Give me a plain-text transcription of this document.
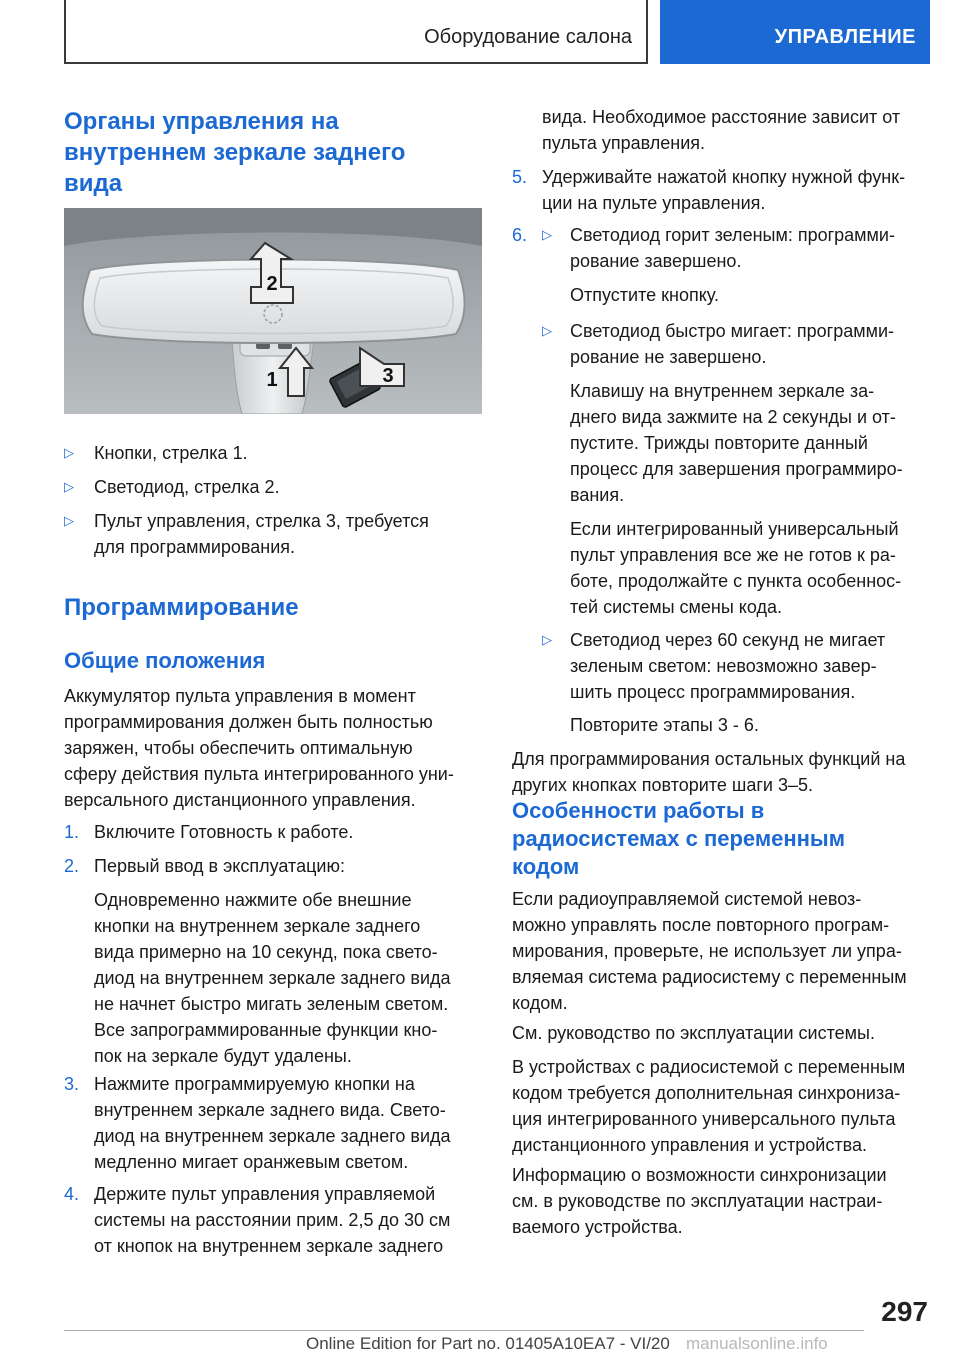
Оборудование салона	УПРАВЛЕНИЕ
Органы управления на
внутреннем зеркале заднего
вида
2
1	3
▷ Кнопки, стрелка 1.
▷ Светодиод, стрелка 2.
▷ Пульт управления, стрелка 3, требуется
для программирования.
Программирование
Общие положения
Аккумулятор пульта управления в момент
программирования должен быть полностью
заряжен, чтобы обеспечить оптимальную
сферу действия пульта интегрированного уни‐
версального дистанционного управления.
1. Включите Готовность к работе.
2. Первый ввод в эксплуатацию:
Одновременно нажмите обе внешние
кнопки на внутреннем зеркале заднего
вида примерно на 10 секунд, пока свето‐
диод на внутреннем зеркале заднего вида
не начнет быстро мигать зеленым светом.
Все запрограммированные функции кно‐
пок на зеркале будут удалены.
3. Нажмите программируемую кнопки на
внутреннем зеркале заднего вида. Свето‐
диод на внутреннем зеркале заднего вида
медленно мигает оранжевым светом.
4. Держите пульт управления управляемой
системы на расстоянии прим. 2,5 до 30 см
от кнопок на внутреннем зеркале заднего
вида. Необходимое расстояние зависит от
пульта управления.
5. Удерживайте нажатой кнопку нужной функ‐
ции на пульте управления.
6. ▷ Светодиод горит зеленым: программи‐
рование завершено.
Отпустите кнопку.
▷ Светодиод быстро мигает: программи‐
рование не завершено.
Клавишу на внутреннем зеркале за‐
днего вида зажмите на 2 секунды и от‐
пустите. Трижды повторите данный
процесс для завершения программиро‐
вания.
Если интегрированный универсальный
пульт управления все же не готов к ра‐
боте, продолжайте с пункта особеннос‐
тей системы смены кода.
▷ Светодиод через 60 секунд не мигает
зеленым светом: невозможно завер‐
шить процесс программирования.
Повторите этапы 3 - 6.
Для программирования остальных функций на
других кнопках повторите шаги 3–5.
Особенности работы в
радиосистемах с переменным
кодом
Если радиоуправляемой системой невоз‐
можно управлять после повторного програм‐
мирования, проверьте, не использует ли упра‐
вляемая система радиосистему с переменным
кодом.
См. руководство по эксплуатации системы.
В устройствах с радиосистемой с переменным
кодом требуется дополнительная синхрониза‐
ция интегрированного универсального пульта
дистанционного управления и устройства.
Информацию о возможности синхронизации
см. в руководстве по эксплуатации настраи‐
ваемого устройства.
297
Online Edition for Part no. 01405A10EA7 - VI/20 manualsonline.info
